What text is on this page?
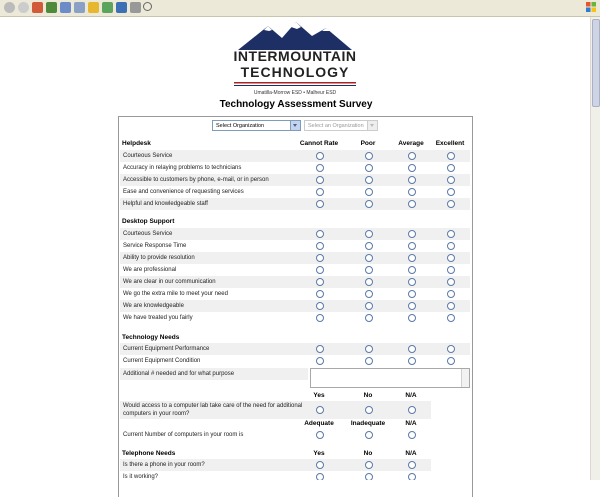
INTERMOUNTAIN
TECHNOLOGY
Umatilla-Morrow ESD • Malheur ESD
Technology Assessment Survey
Select Organization	Select an Organization
Helpdesk	Cannot Rate	Poor	Average	Excellent
Courteous Service
Accuracy in relaying problems to technicians
Accessible to customers by phone, e-mail, or in person
Ease and convenience of requesting services
Helpful and knowledgeable staff
Desktop Support
Courteous Service
Service Response Time
Ability to provide resolution
We are professional
We are clear in our communication
We go the extra mile to meet your need
We are knowledgeable
We have treated you fairly
Technology Needs
Current Equipment Performance
Current Equipment Condition
Additional # needed and for what purpose
Yes	No	N/A
Would access to a computer lab take care of the need for additional computers in your room?
Adequate	Inadequate	N/A
Current Number of computers in your room is
Telephone Needs	Yes	No	N/A
Is there a phone in your room?
Is it working?
